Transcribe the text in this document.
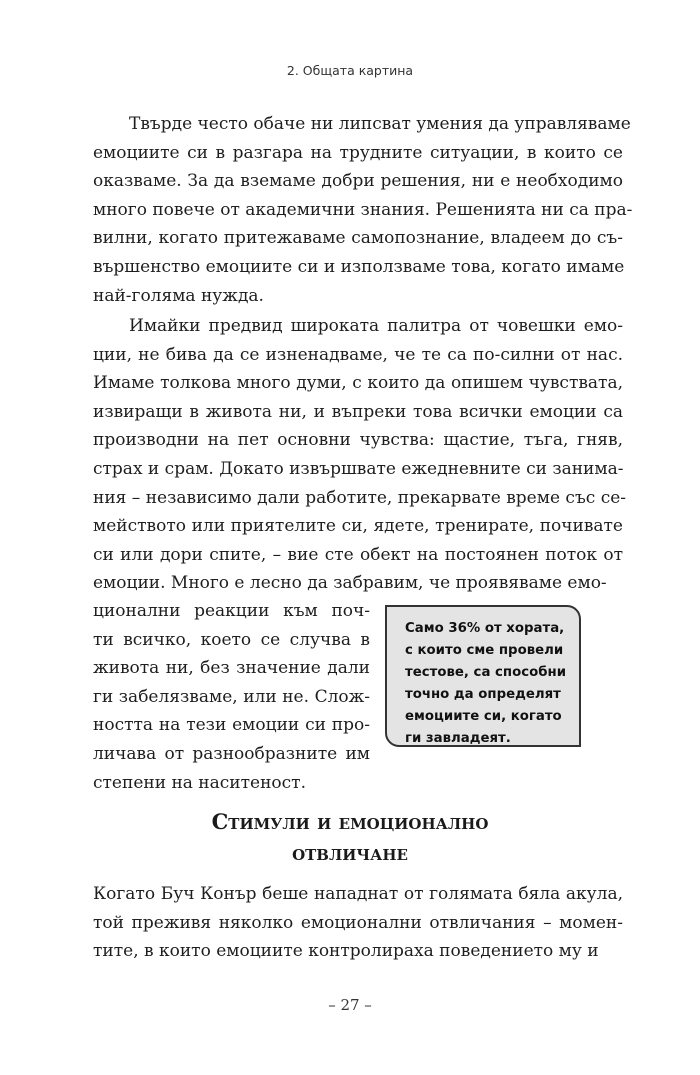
2. Общата картина
Твърде често обаче ни липсват умения да управляваме
емоциите си в разгара на трудните ситуации, в които се
оказваме. За да вземаме добри решения, ни е необходимо
много повече от академични знания. Решенията ни са пра-
вилни, когато притежаваме самопознание, владеем до съ-
вършенство емоциите си и използваме това, когато имаме
най-голяма нужда.
Имайки предвид широката палитра от човешки емо-
ции, не бива да се изненадваме, че те са по-силни от нас.
Имаме толкова много думи, с които да опишем чувствата,
извиращи в живота ни, и въпреки това всички емоции са
производни на пет основни чувства: щастие, тъга, гняв,
страх и срам. Докато извършвате ежедневните си занима-
ния – независимо дали работите, прекарвате време със се-
мейството или приятелите си, ядете, тренирате, почивате
си или дори спите, – вие сте обект на постоянен поток от
емоции. Много е лесно да забравим, че проявяваме емо-
ционални реакции към поч-
ти всичко, което се случва в
живота ни, без значение дали
ги забелязваме, или не. Слож-
ността на тези емоции си про-
личава от разнообразните им
степени на наситеност.
Само 36% от хората,
с които сме провели
тестове, са способни
точно да определят
емоциите си, когато
ги завладеят.
Стимули и емоционално
отвличане
Когато Буч Конър беше нападнат от голямата бяла акула,
той преживя няколко емоционални отвличания – момен-
тите, в които емоциите контролираха поведението му и
– 27 –
